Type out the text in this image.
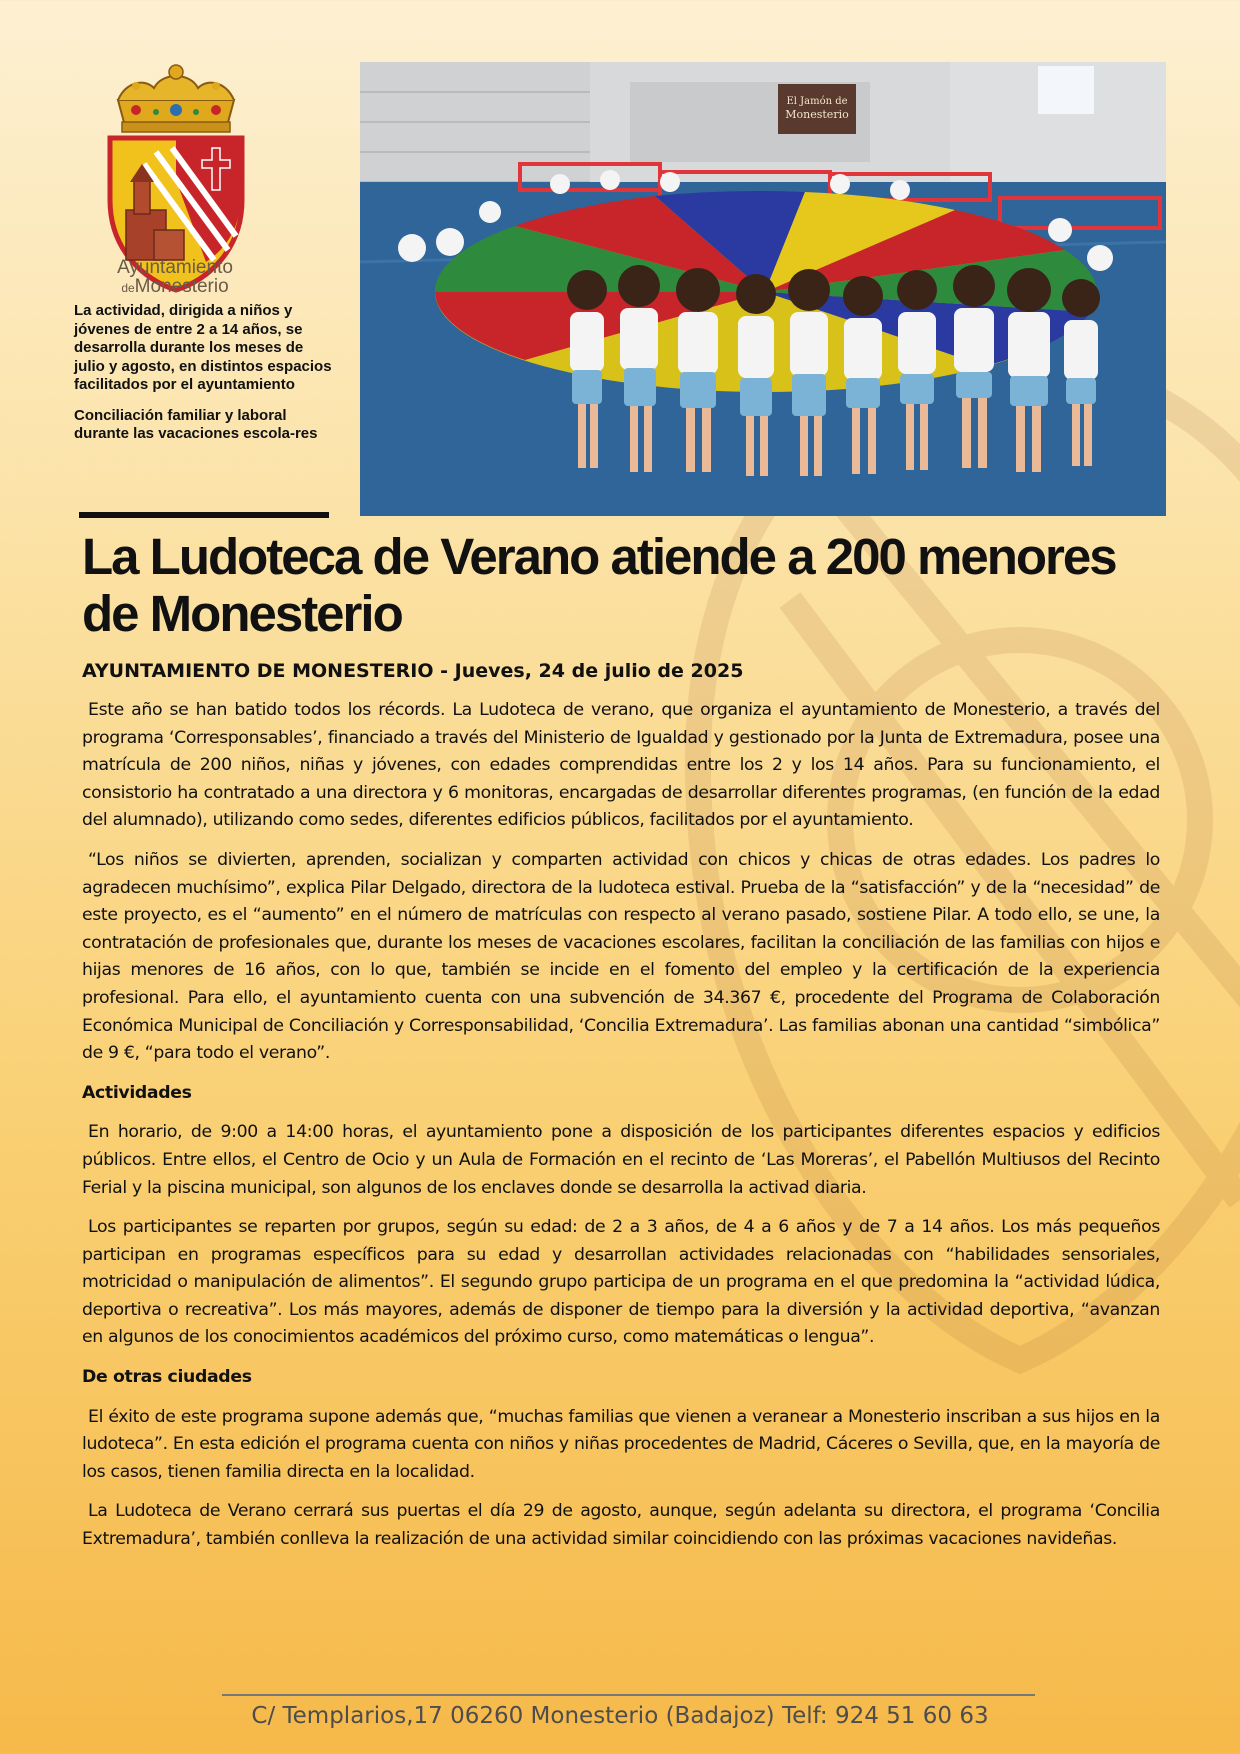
Ayuntamiento
deMonesterio

La actividad, dirigida a niños y jóvenes de entre 2 a 14 años, se desarrolla durante los meses de julio y agosto, en distintos espacios facilitados por el ayuntamiento

Conciliación familiar y laboral durante las vacaciones escola-res

El Jamón de
Monesterio
La Ludoteca de Verano atiende a 200 menores de Monesterio

AYUNTAMIENTO DE MONESTERIO - Jueves, 24 de julio de 2025

Este año se han batido todos los récords. La Ludoteca de verano, que organiza el ayuntamiento de Monesterio, a través del programa ‘Corresponsables’, financiado a través del Ministerio de Igualdad y gestionado por la Junta de Extremadura, posee una matrícula de 200 niños, niñas y jóvenes, con edades comprendidas entre los 2 y los 14 años. Para su funcionamiento, el consistorio ha contratado a una directora y 6 monitoras, encargadas de desarrollar diferentes programas, (en función de la edad del alumnado), utilizando como sedes, diferentes edificios públicos, facilitados por el ayuntamiento.

“Los niños se divierten, aprenden, socializan y comparten actividad con chicos y chicas de otras edades. Los padres lo agradecen muchísimo”, explica Pilar Delgado, directora de la ludoteca estival. Prueba de la “satisfacción” y de la “necesidad” de este proyecto, es el “aumento” en el número de matrículas con respecto al verano pasado, sostiene Pilar. A todo ello, se une, la contratación de profesionales que, durante los meses de vacaciones escolares, facilitan la conciliación de las familias con hijos e hijas menores de 16 años, con lo que, también se incide en el fomento del empleo y la certificación de la experiencia profesional. Para ello, el ayuntamiento cuenta con una subvención de 34.367 €, procedente del Programa de Colaboración Económica Municipal de Conciliación y Corresponsabilidad, ‘Concilia Extremadura’. Las familias abonan una cantidad “simbólica” de 9 €, “para todo el verano”.

Actividades

En horario, de 9:00 a 14:00 horas, el ayuntamiento pone a disposición de los participantes diferentes espacios y edificios públicos. Entre ellos, el Centro de Ocio y un Aula de Formación en el recinto de ‘Las Moreras’, el Pabellón Multiusos del Recinto Ferial y la piscina municipal, son algunos de los enclaves donde se desarrolla la activad diaria.

Los participantes se reparten por grupos, según su edad: de 2 a 3 años, de 4 a 6 años y de 7 a 14 años. Los más pequeños participan en programas específicos para su edad y desarrollan actividades relacionadas con “habilidades sensoriales, motricidad o manipulación de alimentos”. El segundo grupo participa de un programa en el que predomina la “actividad lúdica, deportiva o recreativa”. Los más mayores, además de disponer de tiempo para la diversión y la actividad deportiva, “avanzan en algunos de los conocimientos académicos del próximo curso, como matemáticas o lengua”.

De otras ciudades

El éxito de este programa supone además que, “muchas familias que vienen a veranear a Monesterio inscriban a sus hijos en la ludoteca”. En esta edición el programa cuenta con niños y niñas procedentes de Madrid, Cáceres o Sevilla, que, en la mayoría de los casos, tienen familia directa en la localidad.

La Ludoteca de Verano cerrará sus puertas el día 29 de agosto, aunque, según adelanta su directora, el programa ‘Concilia Extremadura’, también conlleva la realización de una actividad similar coincidiendo con las próximas vacaciones navideñas.

C/ Templarios,17 06260 Monesterio (Badajoz) Telf: 924 51 60 63
